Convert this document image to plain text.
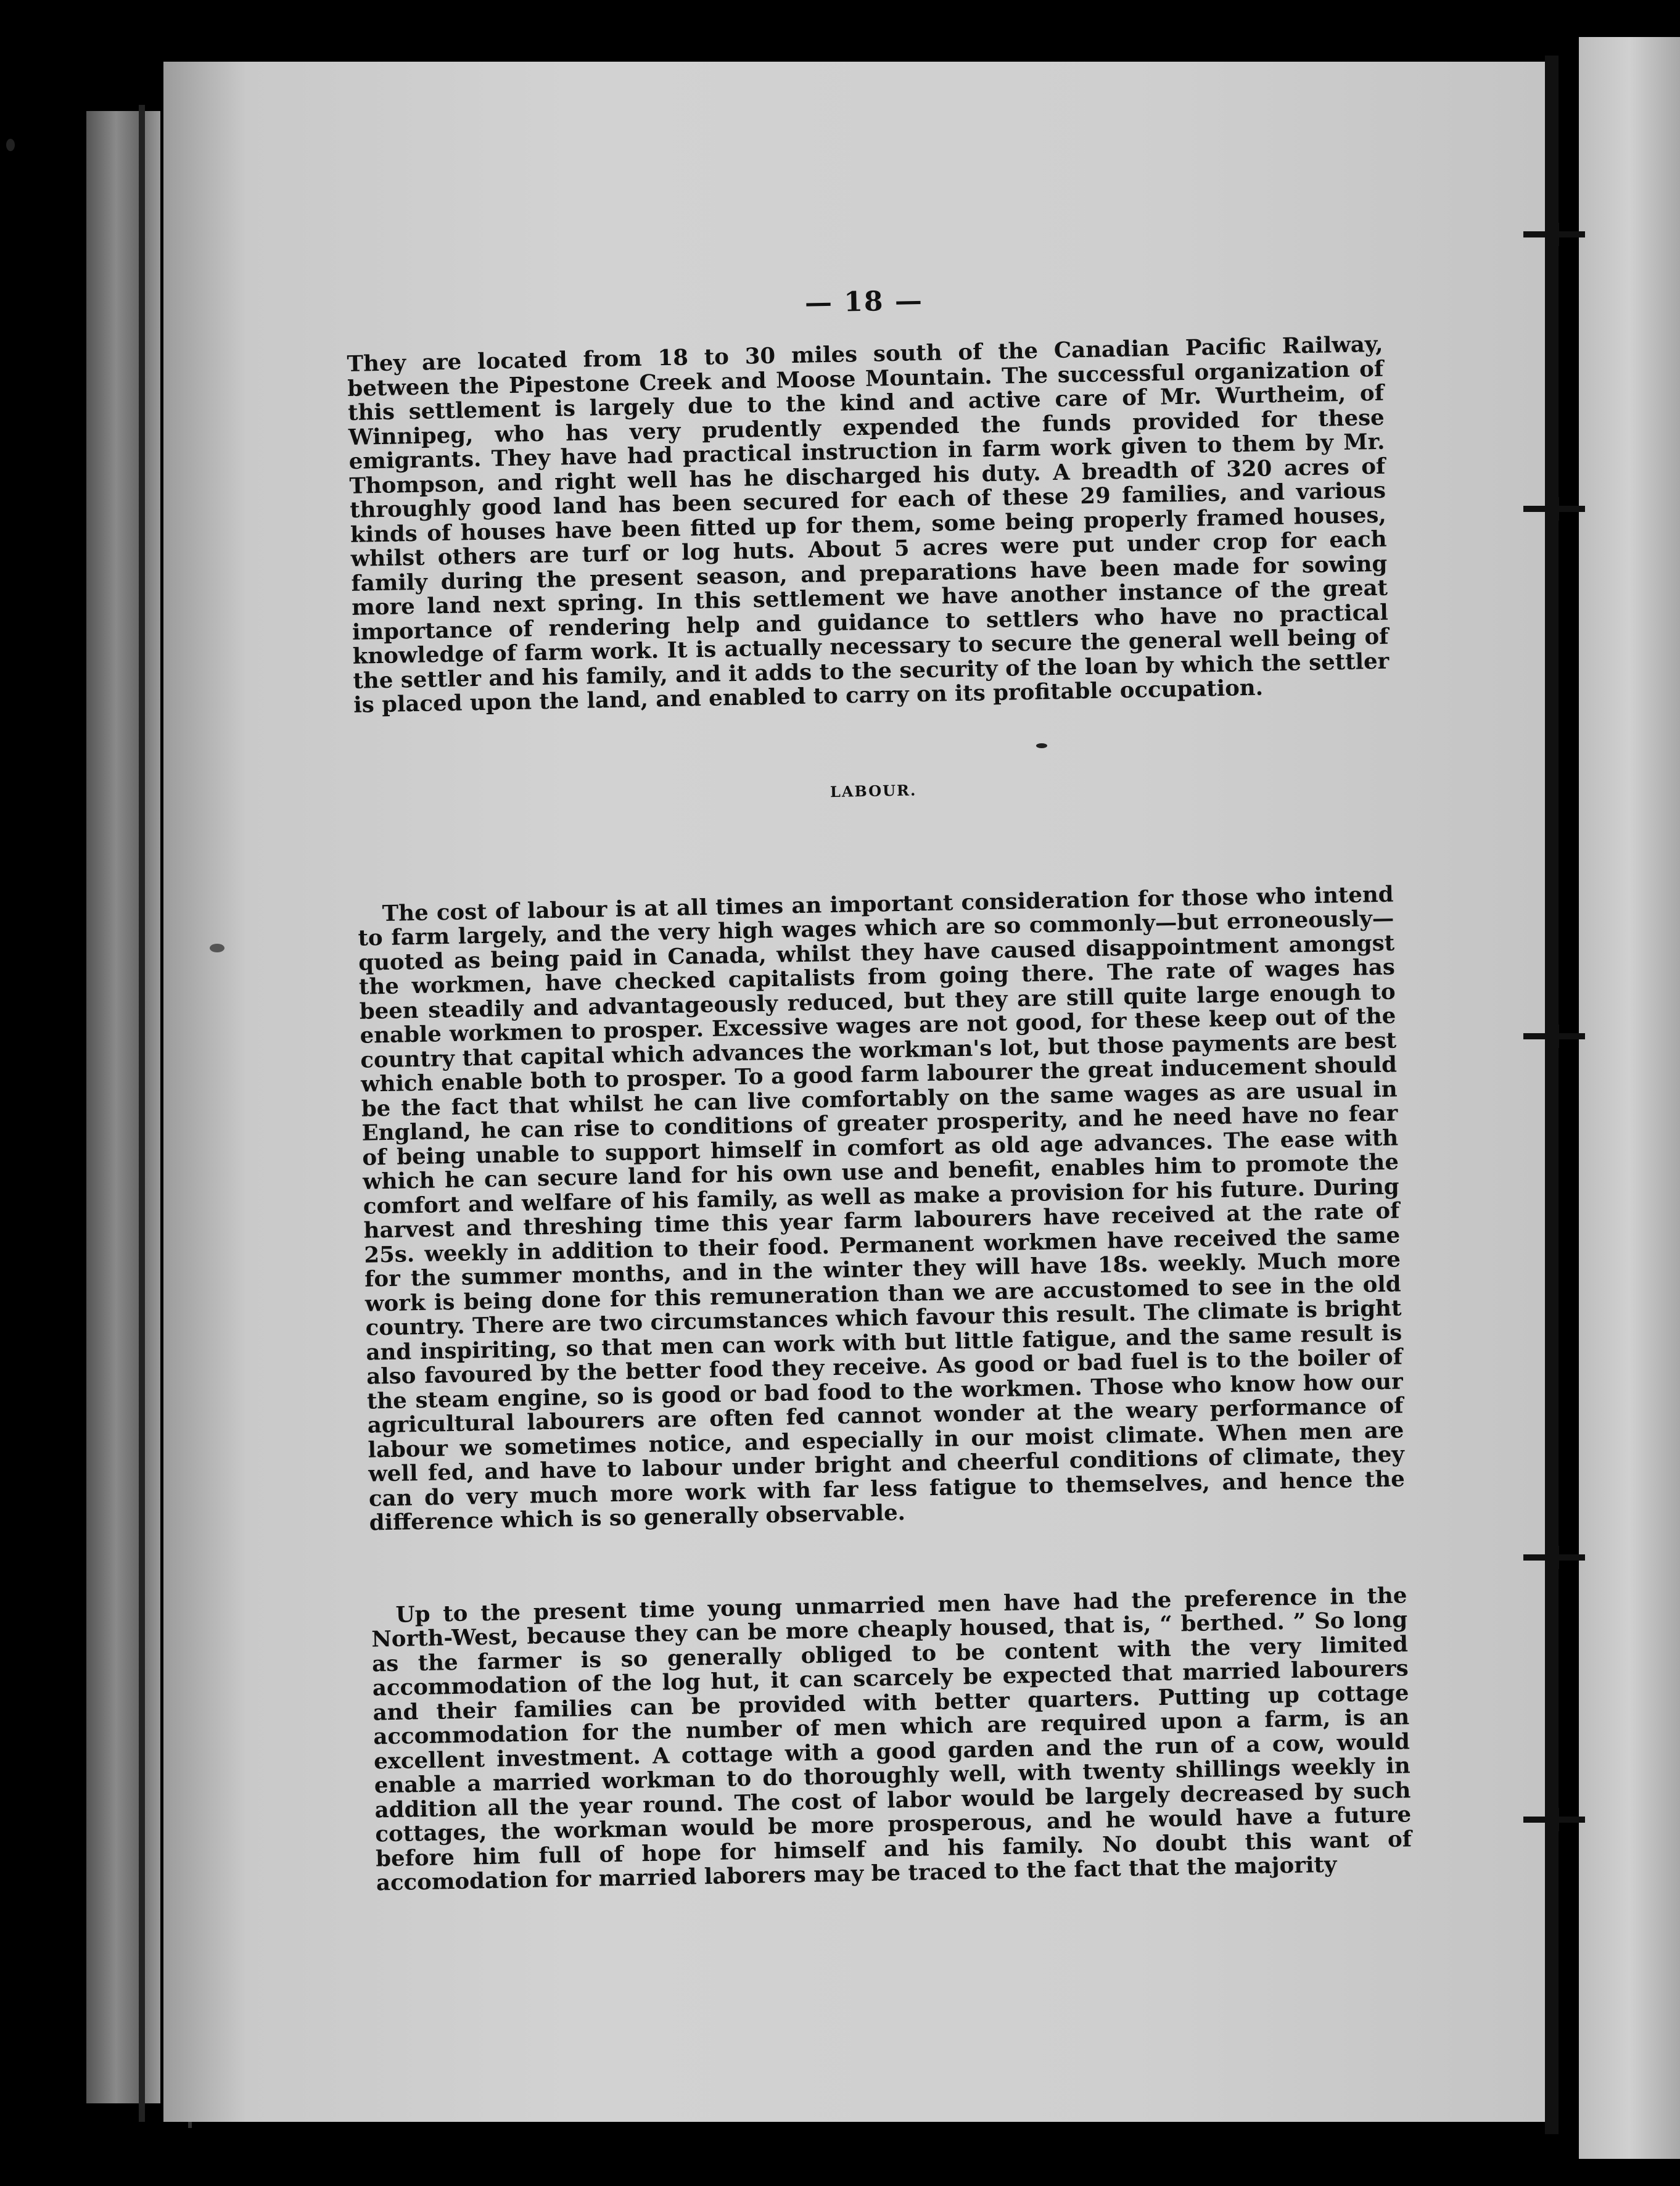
— 18 —

They are located from 18 to 30 miles south of the Canadian Pacific Railway, between the Pipestone Creek and Moose Mountain. The successful organization of this settlement is largely due to the kind and active care of Mr. Wurtheim, of Winnipeg, who has very prudently expended the funds provided for these emigrants. They have had practical instruction in farm work given to them by Mr. Thompson, and right well has he discharged his duty. A breadth of 320 acres of throughly good land has been secured for each of these 29 families, and various kinds of houses have been fitted up for them, some being properly framed houses, whilst others are turf or log huts. About 5 acres were put under crop for each family during the present season, and preparations have been made for sowing more land next spring. In this settlement we have another instance of the great importance of rendering help and guidance to settlers who have no practical knowledge of farm work. It is actually necessary to secure the general well being of the settler and his family, and it adds to the security of the loan by which the settler is placed upon the land, and enabled to carry on its profitable occupation.

LABOUR.

The cost of labour is at all times an important consideration for those who intend to farm largely, and the very high wages which are so commonly—but erroneously—quoted as being paid in Canada, whilst they have caused disappointment amongst the workmen, have checked capitalists from going there. The rate of wages has been steadily and advantageously reduced, but they are still quite large enough to enable workmen to prosper. Excessive wages are not good, for these keep out of the country that capital which advances the workman's lot, but those payments are best which enable both to prosper. To a good farm labourer the great inducement should be the fact that whilst he can live comfortably on the same wages as are usual in England, he can rise to conditions of greater prosperity, and he need have no fear of being unable to support himself in comfort as old age advances. The ease with which he can secure land for his own use and benefit, enables him to promote the comfort and welfare of his family, as well as make a provision for his future. During harvest and threshing time this year farm labourers have received at the rate of 25s. weekly in addition to their food. Permanent workmen have received the same for the summer months, and in the winter they will have 18s. weekly. Much more work is being done for this remuneration than we are accustomed to see in the old country. There are two circumstances which favour this result. The climate is bright and inspiriting, so that men can work with but little fatigue, and the same result is also favoured by the better food they receive. As good or bad fuel is to the boiler of the steam engine, so is good or bad food to the workmen. Those who know how our agricultural labourers are often fed cannot wonder at the weary performance of labour we sometimes notice, and especially in our moist climate. When men are well fed, and have to labour under bright and cheerful conditions of climate, they can do very much more work with far less fatigue to themselves, and hence the difference which is so generally observable.

Up to the present time young unmarried men have had the preference in the North-West, because they can be more cheaply housed, that is, “ berthed. ” So long as the farmer is so generally obliged to be content with the very limited accommodation of the log hut, it can scarcely be expected that married labourers and their families can be provided with better quarters. Putting up cottage accommodation for the number of men which are required upon a farm, is an excellent investment. A cottage with a good garden and the run of a cow, would enable a married workman to do thoroughly well, with twenty shillings weekly in addition all the year round. The cost of labor would be largely decreased by such cottages, the workman would be more prosperous, and he would have a future before him full of hope for himself and his family. No doubt this want of accomodation for married laborers may be traced to the fact that the majority
